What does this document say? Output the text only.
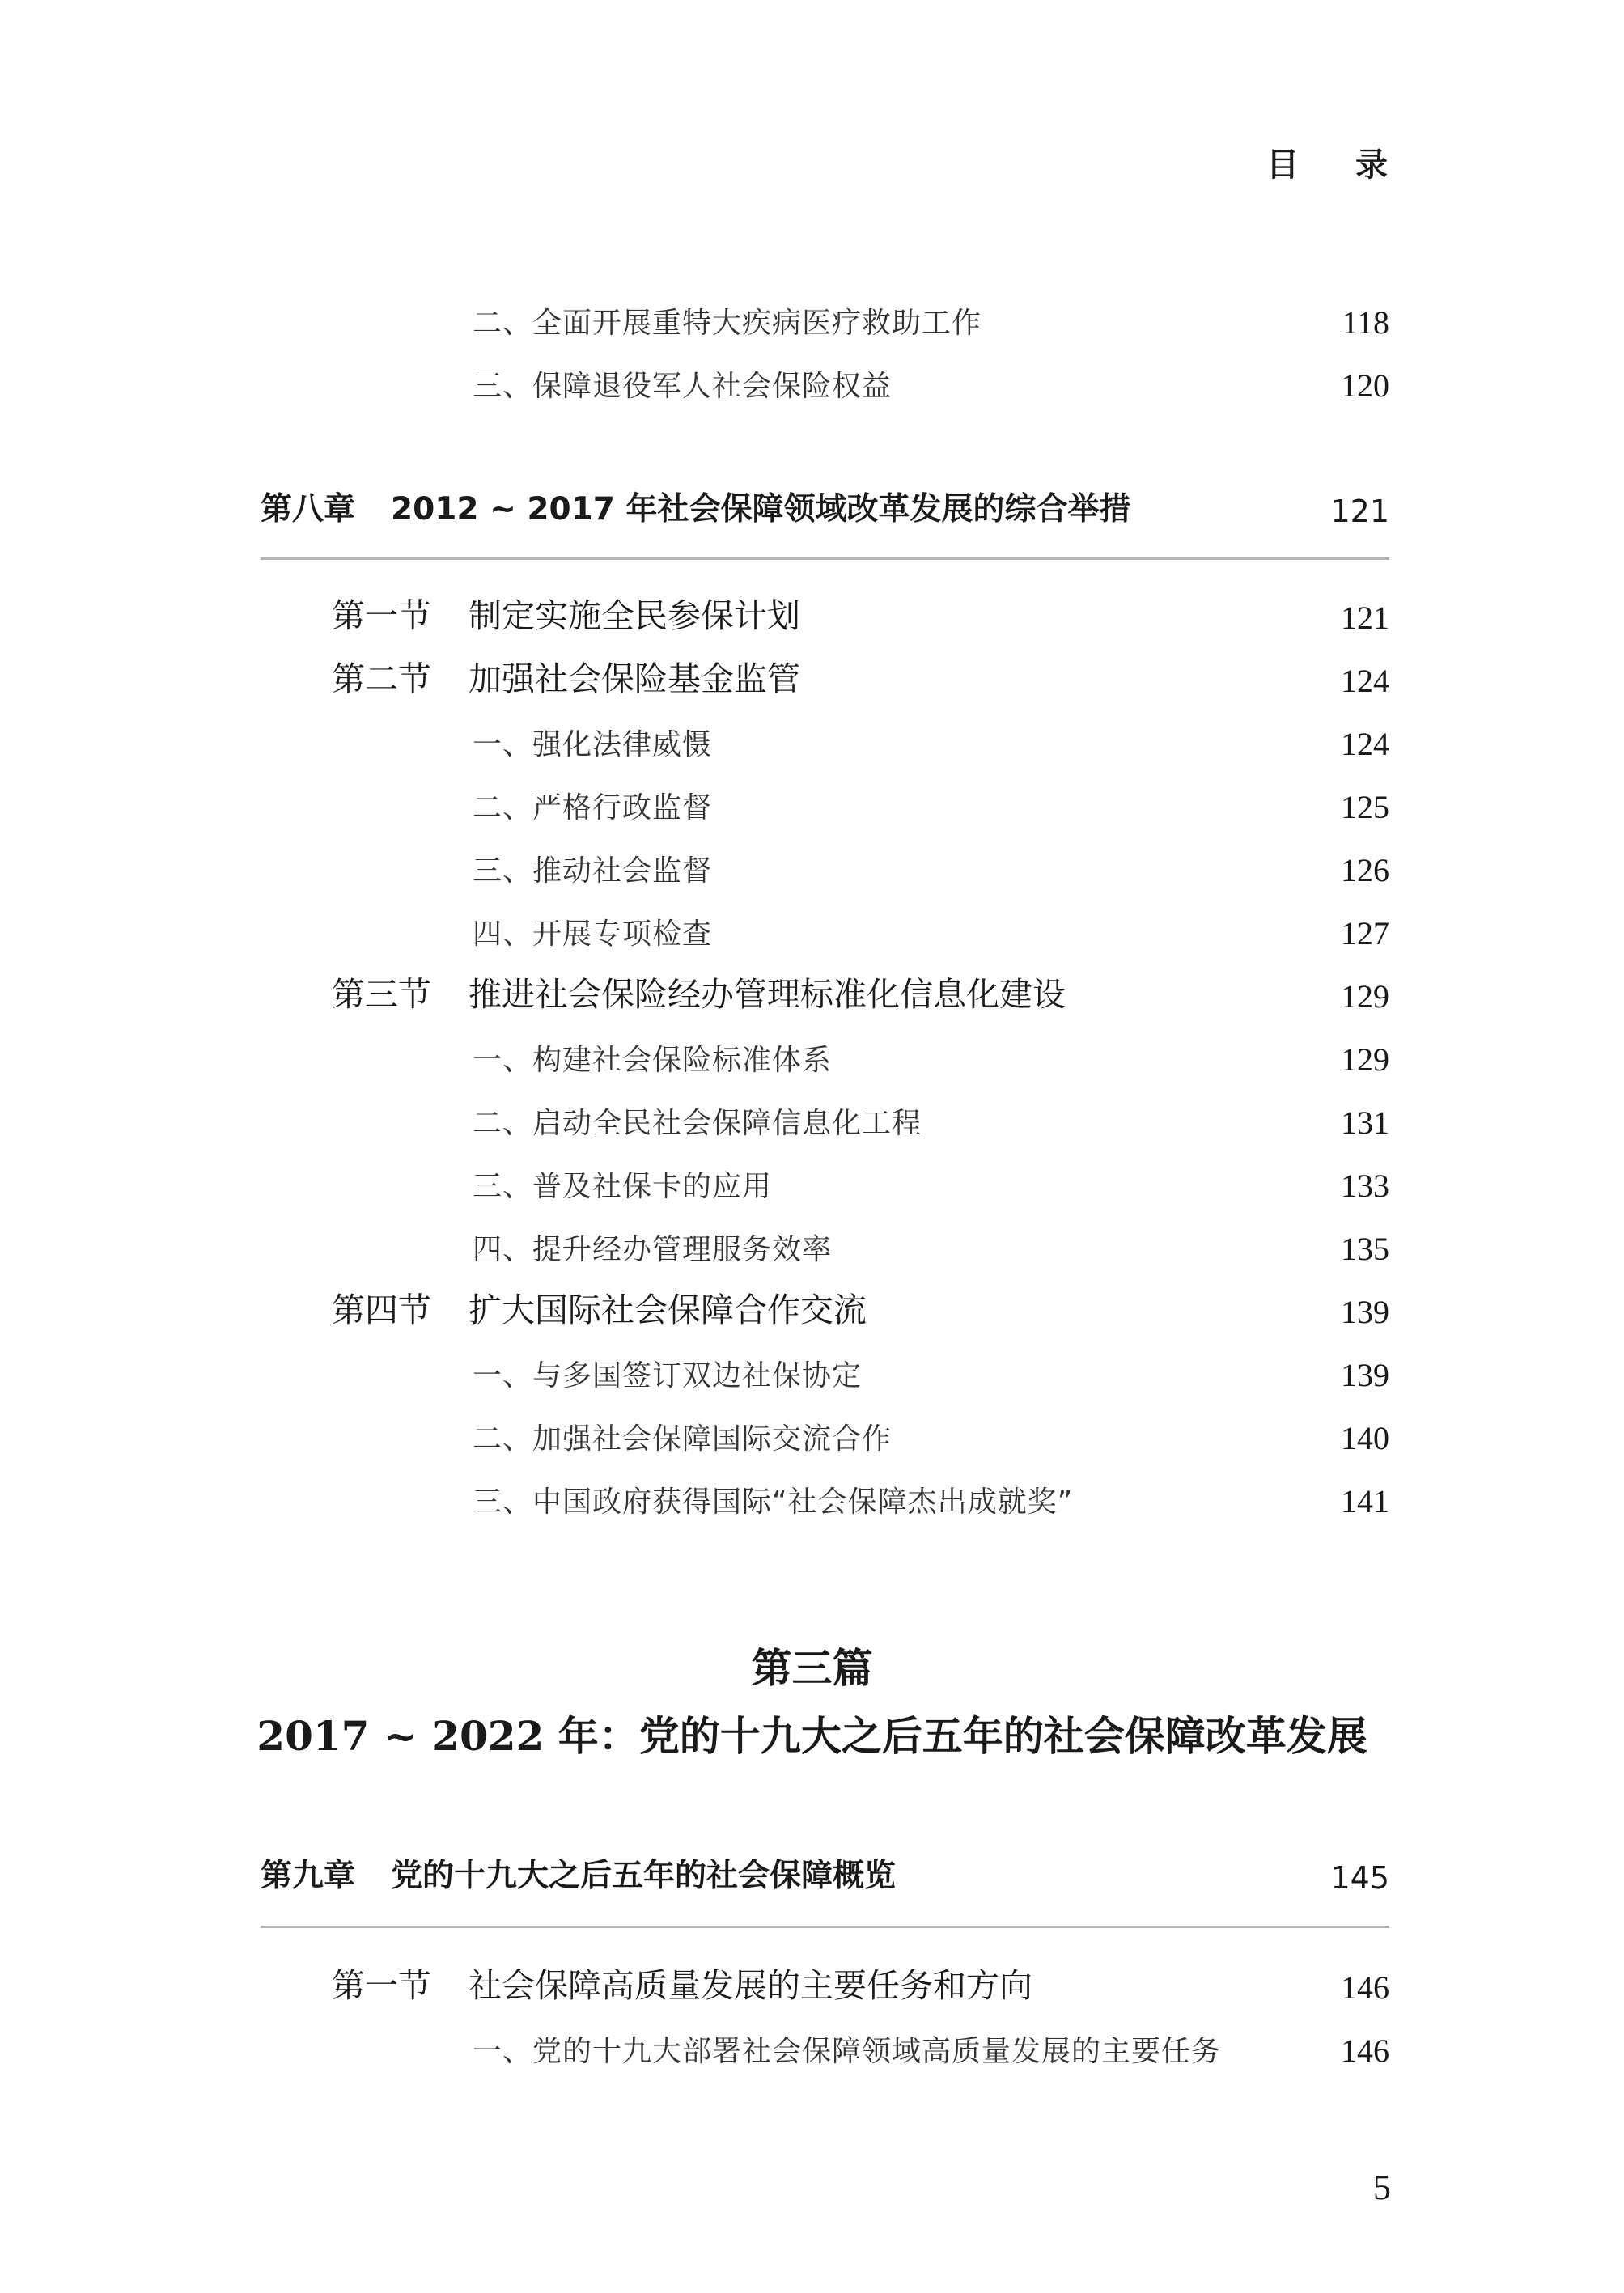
目 录
二、全面开展重特大疾病医疗救助工作	118
三、保障退役军人社会保险权益	120
第八章 2012 ~ 2017 年社会保障领域改革发展的综合举措	121
第一节 制定实施全民参保计划	121
第二节 加强社会保险基金监管	124
一、强化法律威慑	124
二、严格行政监督	125
三、推动社会监督	126
四、开展专项检查	127
第三节 推进社会保险经办管理标准化信息化建设	129
一、构建社会保险标准体系	129
二、启动全民社会保障信息化工程	131
三、普及社保卡的应用	133
四、提升经办管理服务效率	135
第四节 扩大国际社会保障合作交流	139
一、与多国签订双边社保协定	139
二、加强社会保障国际交流合作	140
三、中国政府获得国际“社会保障杰出成就奖”	141
第三篇
2017 ~ 2022 年：党的十九大之后五年的社会保障改革发展
第九章 党的十九大之后五年的社会保障概览	145
第一节 社会保障高质量发展的主要任务和方向	146
一、党的十九大部署社会保障领域高质量发展的主要任务	146
5
